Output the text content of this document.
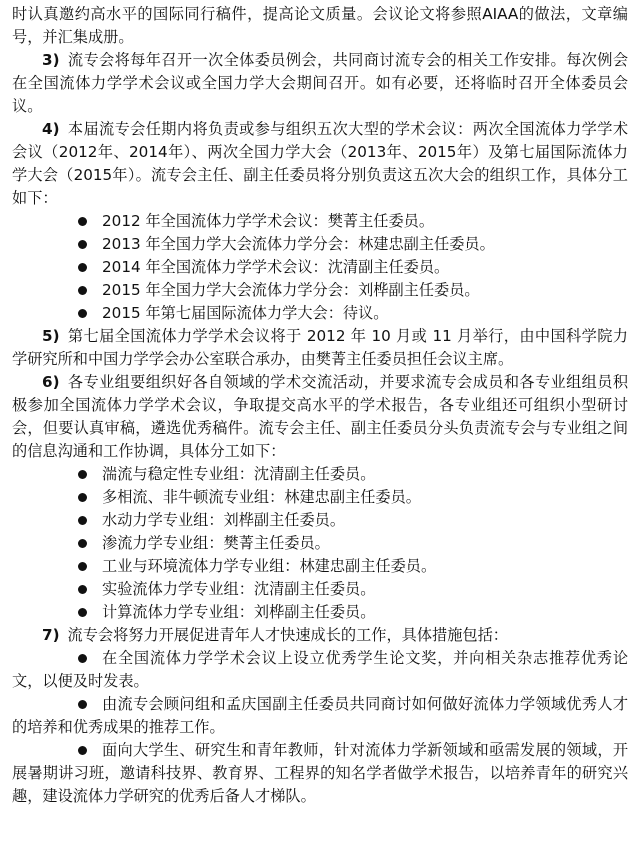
时认真邀约高水平的国际同行稿件，提高论文质量。会议论文将参照AIAA的做法，文章编号，并汇集成册。

3) 流专会将每年召开一次全体委员例会，共同商讨流专会的相关工作安排。每次例会在全国流体力学学术会议或全国力学大会期间召开。如有必要，还将临时召开全体委员会议。

4) 本届流专会任期内将负责或参与组织五次大型的学术会议：两次全国流体力学学术会议（2012年、2014年）、两次全国力学大会（2013年、2015年）及第七届国际流体力学大会（2015年）。流专会主任、副主任委员将分别负责这五次大会的组织工作，具体分工如下：

2012 年全国流体力学学术会议：樊菁主任委员。
2013 年全国力学大会流体力学分会：林建忠副主任委员。
2014 年全国流体力学学术会议：沈清副主任委员。
2015 年全国力学大会流体力学分会：刘桦副主任委员。
2015 年第七届国际流体力学大会：待议。

5) 第七届全国流体力学学术会议将于 2012 年 10 月或 11 月举行，由中国科学院力学研究所和中国力学学会办公室联合承办，由樊菁主任委员担任会议主席。

6) 各专业组要组织好各自领域的学术交流活动，并要求流专会成员和各专业组组员积极参加全国流体力学学术会议，争取提交高水平的学术报告，各专业组还可组织小型研讨会，但要认真审稿，遴选优秀稿件。流专会主任、副主任委员分头负责流专会与专业组之间的信息沟通和工作协调，具体分工如下：

湍流与稳定性专业组：沈清副主任委员。
多相流、非牛顿流专业组：林建忠副主任委员。
水动力学专业组：刘桦副主任委员。
渗流力学专业组：樊菁主任委员。
工业与环境流体力学专业组：林建忠副主任委员。
实验流体力学专业组：沈清副主任委员。
计算流体力学专业组：刘桦副主任委员。

7) 流专会将努力开展促进青年人才快速成长的工作，具体措施包括：

在全国流体力学学术会议上设立优秀学生论文奖，并向相关杂志推荐优秀论文，以便及时发表。
由流专会顾问组和孟庆国副主任委员共同商讨如何做好流体力学领域优秀人才的培养和优秀成果的推荐工作。
面向大学生、研究生和青年教师，针对流体力学新领域和亟需发展的领域，开展暑期讲习班，邀请科技界、教育界、工程界的知名学者做学术报告，以培养青年的研究兴趣，建设流体力学研究的优秀后备人才梯队。
